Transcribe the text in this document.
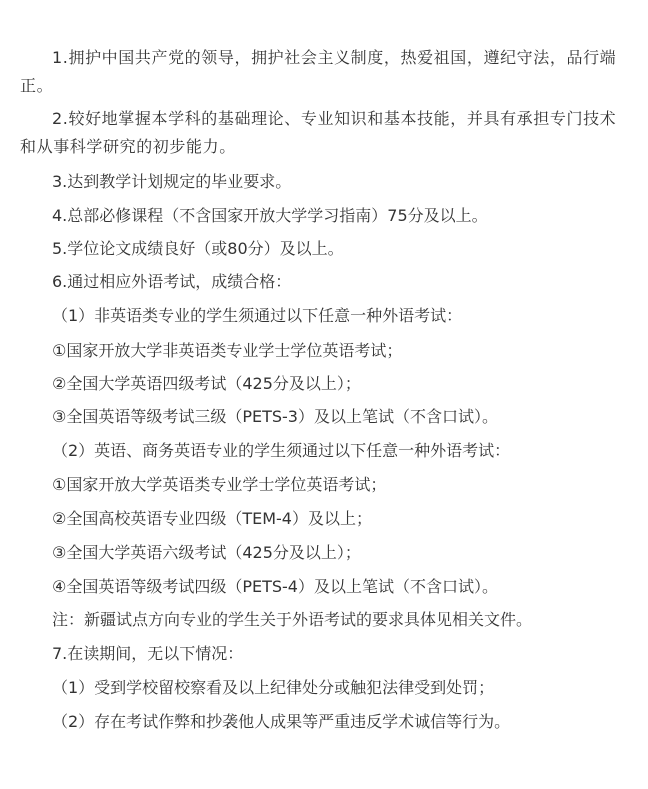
1.拥护中国共产党的领导，拥护社会主义制度，热爱祖国，遵纪守法，品行端正。

2.较好地掌握本学科的基础理论、专业知识和基本技能，并具有承担专门技术和从事科学研究的初步能力。

3.达到教学计划规定的毕业要求。

4.总部必修课程（不含国家开放大学学习指南）75分及以上。

5.学位论文成绩良好（或80分）及以上。

6.通过相应外语考试，成绩合格：

（1）非英语类专业的学生须通过以下任意一种外语考试：

①国家开放大学非英语类专业学士学位英语考试；

②全国大学英语四级考试（425分及以上）；

③全国英语等级考试三级（PETS-3）及以上笔试（不含口试）。

（2）英语、商务英语专业的学生须通过以下任意一种外语考试：

①国家开放大学英语类专业学士学位英语考试；

②全国高校英语专业四级（TEM-4）及以上；

③全国大学英语六级考试（425分及以上）；

④全国英语等级考试四级（PETS-4）及以上笔试（不含口试）。

注：新疆试点方向专业的学生关于外语考试的要求具体见相关文件。

7.在读期间，无以下情况：

（1）受到学校留校察看及以上纪律处分或触犯法律受到处罚；

（2）存在考试作弊和抄袭他人成果等严重违反学术诚信等行为。
